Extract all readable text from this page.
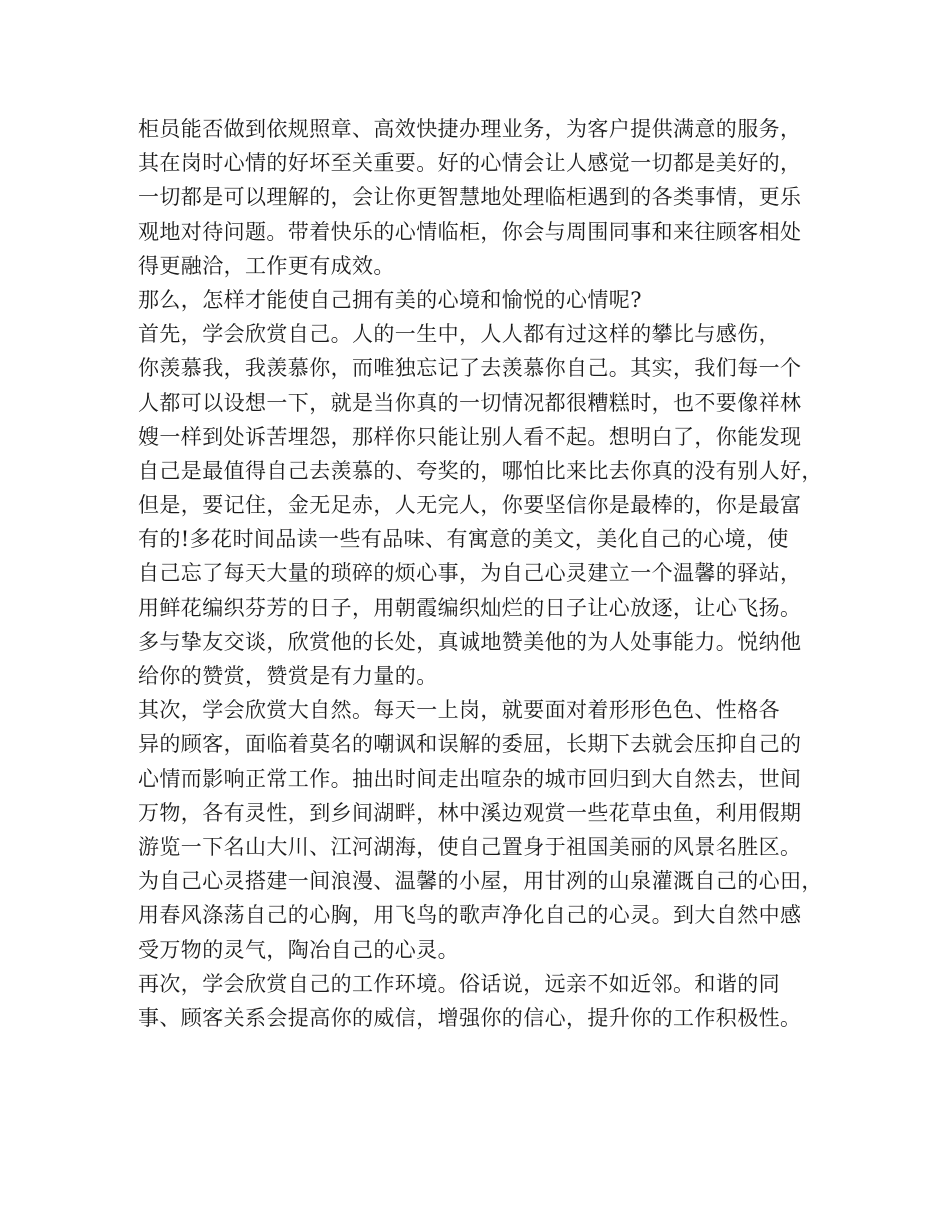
柜员能否做到依规照章、高效快捷办理业务，为客户提供满意的服务，
其在岗时心情的好坏至关重要。好的心情会让人感觉一切都是美好的，
一切都是可以理解的，会让你更智慧地处理临柜遇到的各类事情，更乐
观地对待问题。带着快乐的心情临柜，你会与周围同事和来往顾客相处
得更融洽，工作更有成效。
那么，怎样才能使自己拥有美的心境和愉悦的心情呢?
首先，学会欣赏自己。人的一生中，人人都有过这样的攀比与感伤，
你羡慕我，我羡慕你，而唯独忘记了去羡慕你自己。其实，我们每一个
人都可以设想一下，就是当你真的一切情况都很糟糕时，也不要像祥林
嫂一样到处诉苦埋怨，那样你只能让别人看不起。想明白了，你能发现
自己是最值得自己去羡慕的、夸奖的，哪怕比来比去你真的没有别人好，
但是，要记住，金无足赤，人无完人，你要坚信你是最棒的，你是最富
有的!多花时间品读一些有品味、有寓意的美文，美化自己的心境，使
自己忘了每天大量的琐碎的烦心事，为自己心灵建立一个温馨的驿站，
用鲜花编织芬芳的日子，用朝霞编织灿烂的日子让心放逐，让心飞扬。
多与挚友交谈，欣赏他的长处，真诚地赞美他的为人处事能力。悦纳他
给你的赞赏，赞赏是有力量的。
其次，学会欣赏大自然。每天一上岗，就要面对着形形色色、性格各
异的顾客，面临着莫名的嘲讽和误解的委屈，长期下去就会压抑自己的
心情而影响正常工作。抽出时间走出喧杂的城市回归到大自然去，世间
万物，各有灵性，到乡间湖畔，林中溪边观赏一些花草虫鱼，利用假期
游览一下名山大川、江河湖海，使自己置身于祖国美丽的风景名胜区。
为自己心灵搭建一间浪漫、温馨的小屋，用甘冽的山泉灌溉自己的心田，
用春风涤荡自己的心胸，用飞鸟的歌声净化自己的心灵。到大自然中感
受万物的灵气，陶冶自己的心灵。
再次，学会欣赏自己的工作环境。俗话说，远亲不如近邻。和谐的同
事、顾客关系会提高你的威信，增强你的信心，提升你的工作积极性。
